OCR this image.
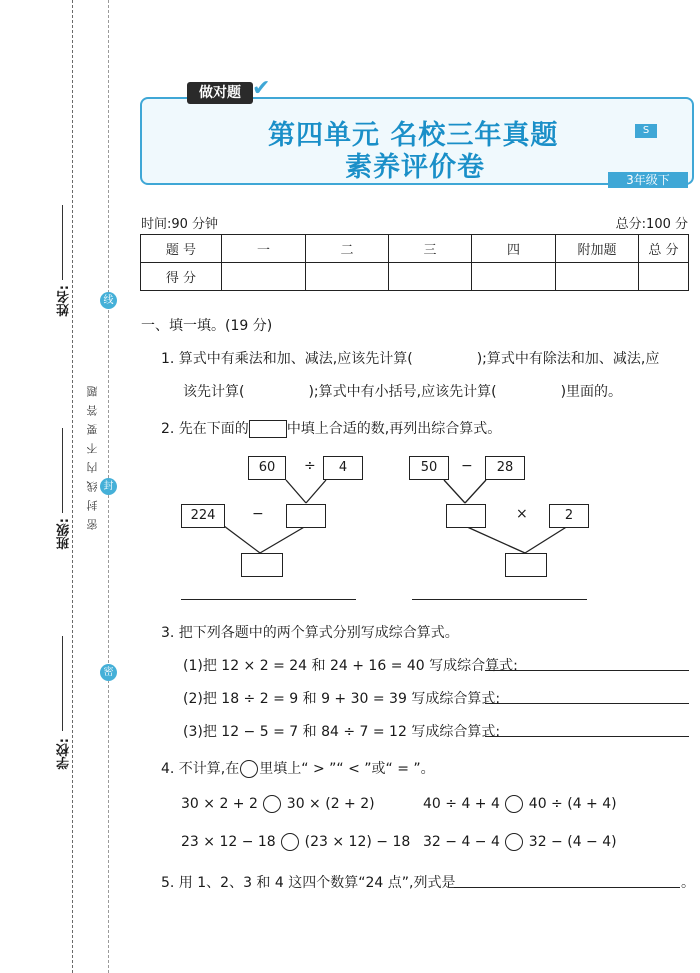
姓名:
班级:
学校:
密封线内不要答题
线
封
密
做对题 ✔
第四单元 名校三年真题
素养评价卷
S
3年级下
时间:90 分钟	总分:100 分
题 号	一	二	三	四	附加题	总 分
得 分						
一、填一填。(19 分)
1. 算式中有乘法和加、减法,应该先计算(	);算式中有除法和加、减法,应
该先计算(	);算式中有小括号,应该先计算(	)里面的。
2. 先在下面的	中填上合适的数,再列出综合算式。
60	÷	4
224	−
50	−	28
×	2
3. 把下列各题中的两个算式分别写成综合算式。
(1)把 12 × 2 = 24 和 24 + 16 = 40 写成综合算式:
(2)把 18 ÷ 2 = 9 和 9 + 30 = 39 写成综合算式:
(3)把 12 − 5 = 7 和 84 ÷ 7 = 12 写成综合算式:
4. 不计算,在 里填上“ > ”“ < ”或“ = ”。
30 × 2 + 2 30 × (2 + 2)	40 ÷ 4 + 4 40 ÷ (4 + 4)
23 × 12 − 18 (23 × 12) − 18 32 − 4 − 4 32 − (4 − 4)
5. 用 1、2、3 和 4 这四个数算“24 点”,列式是	。
